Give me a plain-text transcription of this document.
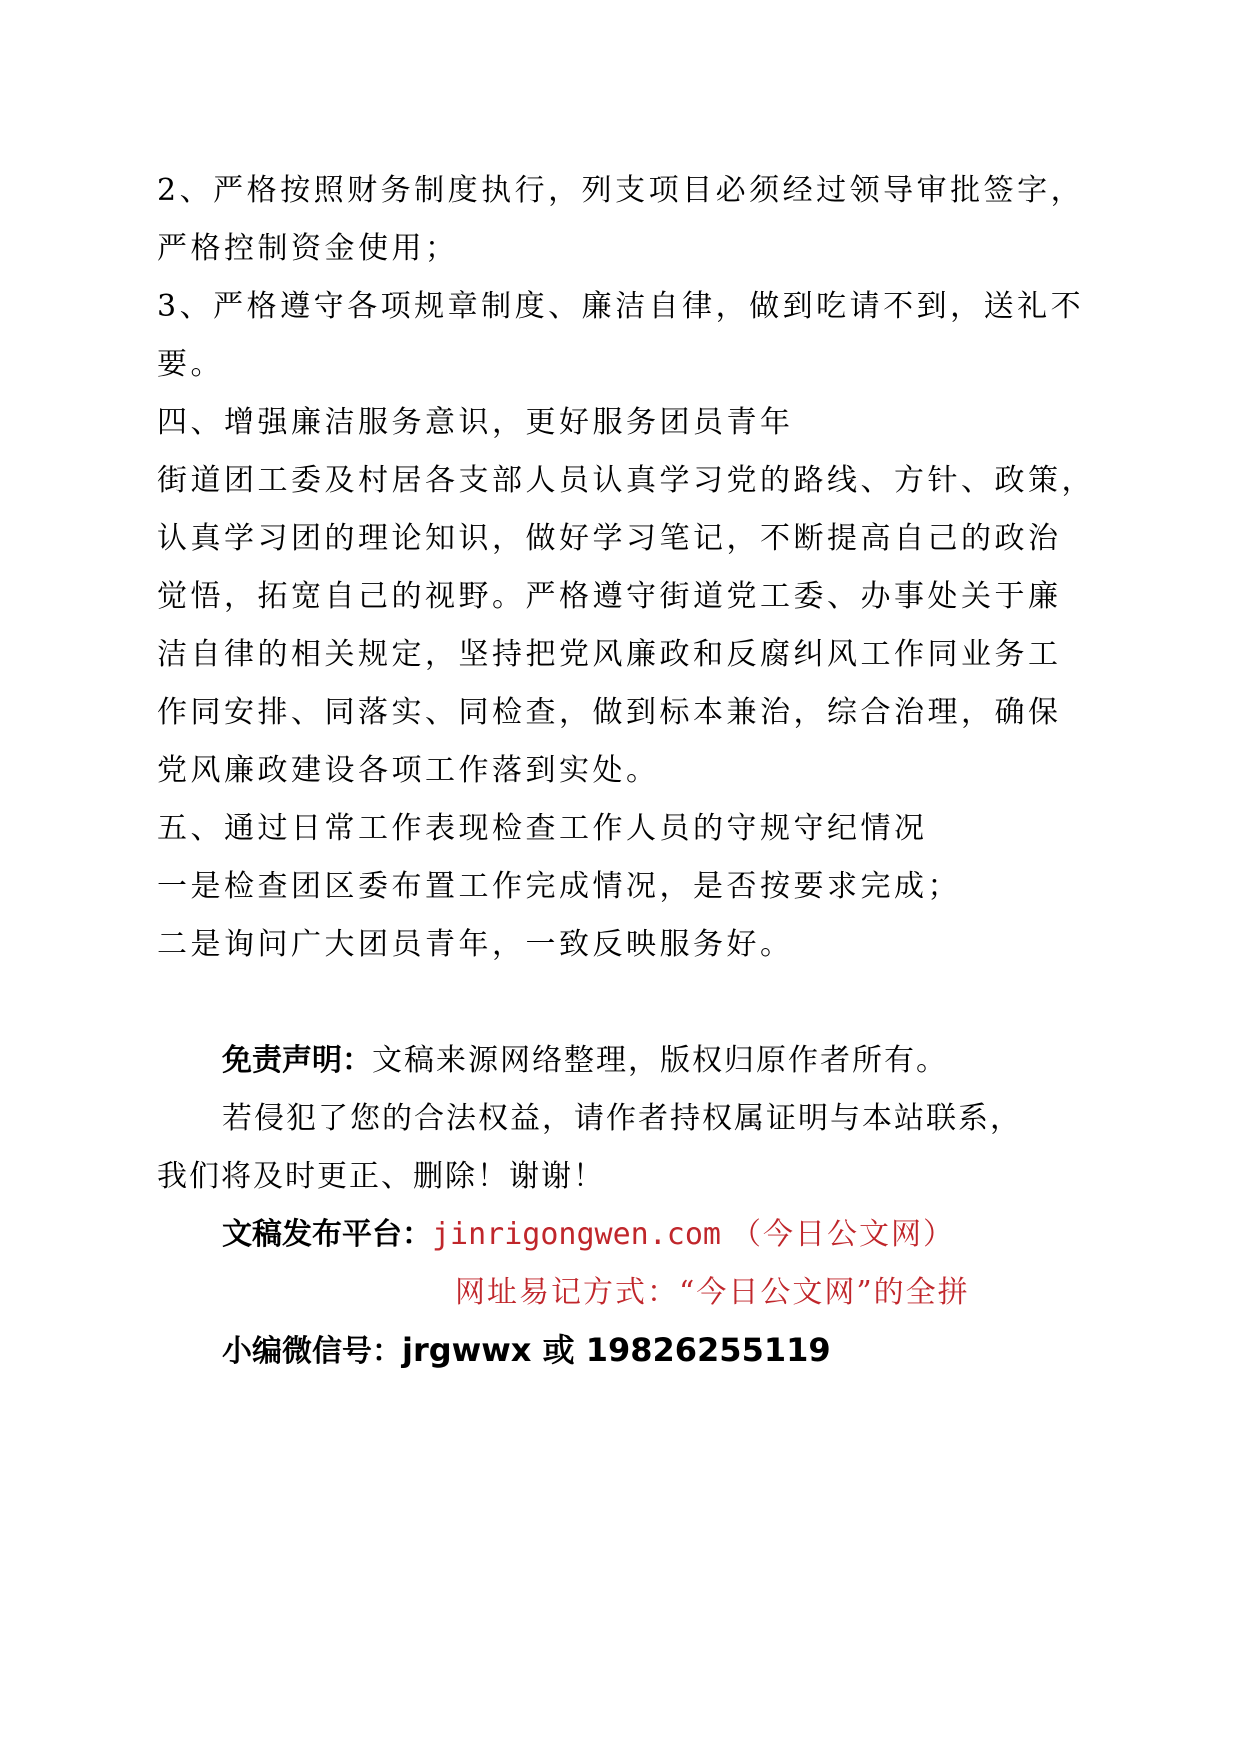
2、严格按照财务制度执行，列支项目必须经过领导审批签字，
严格控制资金使用；
3、严格遵守各项规章制度、廉洁自律，做到吃请不到，送礼不
要。
四、增强廉洁服务意识，更好服务团员青年
街道团工委及村居各支部人员认真学习党的路线、方针、政策，
认真学习团的理论知识，做好学习笔记，不断提高自己的政治
觉悟，拓宽自己的视野。严格遵守街道党工委、办事处关于廉
洁自律的相关规定，坚持把党风廉政和反腐纠风工作同业务工
作同安排、同落实、同检查，做到标本兼治，综合治理，确保
党风廉政建设各项工作落到实处。
五、通过日常工作表现检查工作人员的守规守纪情况
一是检查团区委布置工作完成情况，是否按要求完成；
二是询问广大团员青年，一致反映服务好。
免责声明：文稿来源网络整理，版权归原作者所有。
若侵犯了您的合法权益，请作者持权属证明与本站联系，
我们将及时更正、删除！谢谢！
文稿发布平台：jinrigongwen.com （今日公文网）
网址易记方式：“今日公文网”的全拼
小编微信号：jrgwwx 或 19826255119
